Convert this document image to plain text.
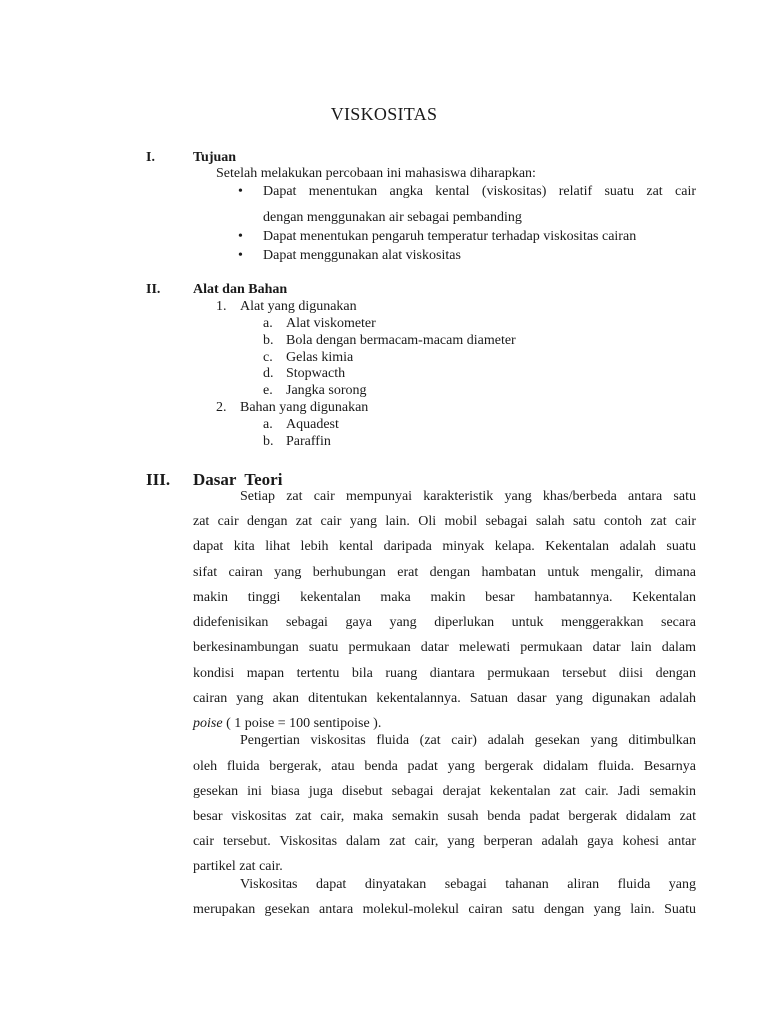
VISKOSITAS
I.	Tujuan
Setelah melakukan percobaan ini mahasiswa diharapkan:
• Dapat menentukan angka kental (viskositas) relatif suatu zat cair
dengan menggunakan air sebagai pembanding
• Dapat menentukan pengaruh temperatur terhadap viskositas cairan
• Dapat menggunakan alat viskositas
II. Alat dan Bahan
1. Alat yang digunakan
a. Alat viskometer
b. Bola dengan bermacam-macam diameter
c. Gelas kimia
d. Stopwacth
e. Jangka sorong
2. Bahan yang digunakan
a. Aquadest
b. Paraffin
III. Dasar  Teori
Setiap zat cair mempunyai karakteristik yang khas/berbeda antara satu
zat cair dengan zat cair yang lain. Oli mobil sebagai salah satu contoh zat cair
dapat kita lihat lebih kental daripada minyak kelapa. Kekentalan adalah suatu
sifat cairan yang berhubungan erat dengan hambatan untuk mengalir, dimana
makin tinggi kekentalan maka makin besar hambatannya. Kekentalan
didefenisikan sebagai gaya yang diperlukan untuk menggerakkan secara
berkesinambungan suatu permukaan datar melewati permukaan datar lain dalam
kondisi mapan tertentu bila ruang diantara permukaan tersebut diisi dengan
cairan yang akan ditentukan kekentalannya. Satuan dasar yang digunakan adalah
poise ( 1 poise = 100 sentipoise ).
Pengertian viskositas fluida (zat cair) adalah gesekan yang ditimbulkan
oleh fluida bergerak, atau benda padat yang bergerak didalam fluida. Besarnya
gesekan ini biasa juga disebut sebagai derajat kekentalan zat cair. Jadi semakin
besar viskositas zat cair, maka semakin susah benda padat bergerak didalam zat
cair tersebut. Viskositas dalam zat cair, yang berperan adalah gaya kohesi antar
partikel zat cair.
Viskositas dapat dinyatakan sebagai tahanan aliran fluida yang
merupakan gesekan antara molekul-molekul cairan satu dengan yang lain. Suatu
